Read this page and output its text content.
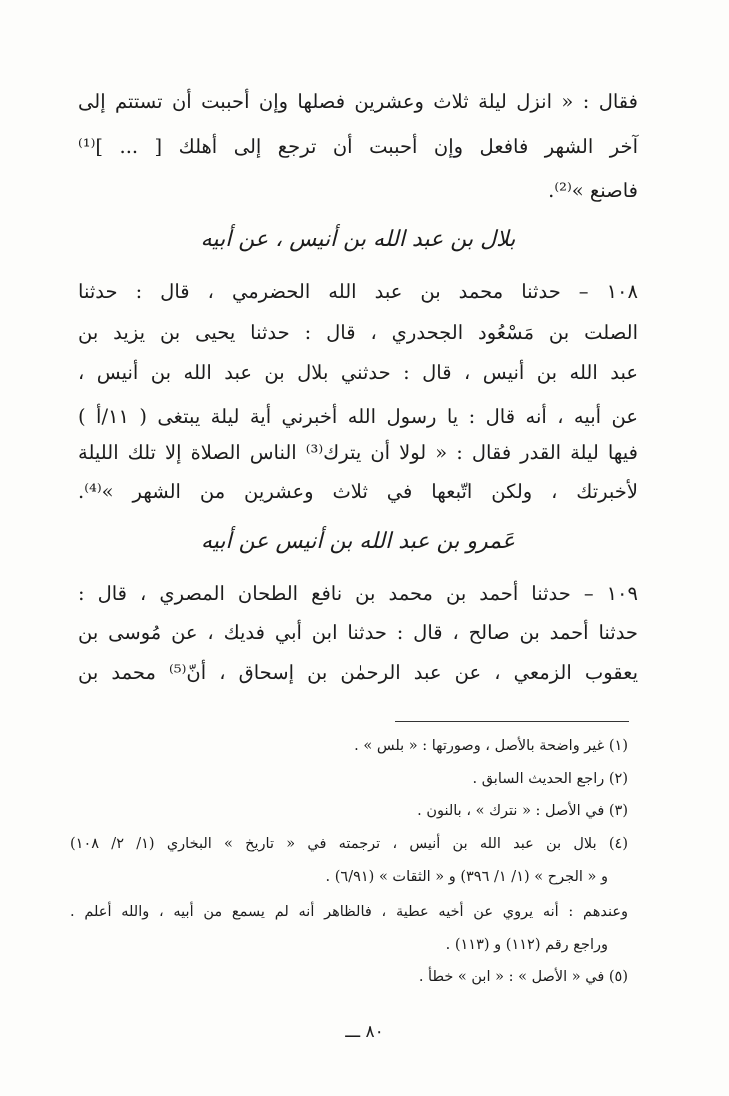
فقال : « انزل ليلة ثلاث وعشرين فصلها وإن أحببت أن تستتم إلى
آخر الشهر فافعل وإن أحببت أن ترجع إلى أهلك [ ... ]⁽¹⁾
فاصنع »⁽²⁾.
بلال بن عبد الله بن أنيس ، عن أبيه
١٠٨ – حدثنا محمد بن عبد الله الحضرمي ، قال : حدثنا
الصلت بن مَسْعُود الجحدري ، قال : حدثنا يحيى بن يزيد بن
عبد الله بن أنيس ، قال : حدثني بلال بن عبد الله بن أنيس ،
عن أبيه ، أنه قال : يا رسول الله أخبرني أية ليلة يبتغى ( ١١/أ )
فيها ليلة القدر فقال : « لولا أن يترك⁽³⁾ الناس الصلاة إلا تلك الليلة
لأخبرتك ، ولكن اتّبعها في ثلاث وعشرين من الشهر »⁽⁴⁾.
عَمرو بن عبد الله بن أنيس عن أبيه
١٠٩ – حدثنا أحمد بن محمد بن نافع الطحان المصري ، قال :
حدثنا أحمد بن صالح ، قال : حدثنا ابن أبي فديك ، عن مُوسى بن
يعقوب الزمعي ، عن عبد الرحمٰن بن إسحاق ، أنّ⁽⁵⁾ محمد بن
(١) غير واضحة بالأصل ، وصورتها : « بلس » .
(٢) راجع الحديث السابق .
(٣) في الأصل : « نترك » ، بالنون .
(٤) بلال بن عبد الله بن أنيس ، ترجمته في « تاريخ » البخاري (١/ ٢/ ١٠٨)
و « الجرح » (١/ ١/ ٣٩٦) و « الثقات » (٦/٩١) .
وعندهم : أنه يروي عن أخيه عطية ، فالظاهر أنه لم يسمع من أبيه ، والله أعلم .
وراجع رقم (١١٢) و (١١٣) .
(٥) في « الأصل » : « ابن » خطأ .
٨٠ ـــ
